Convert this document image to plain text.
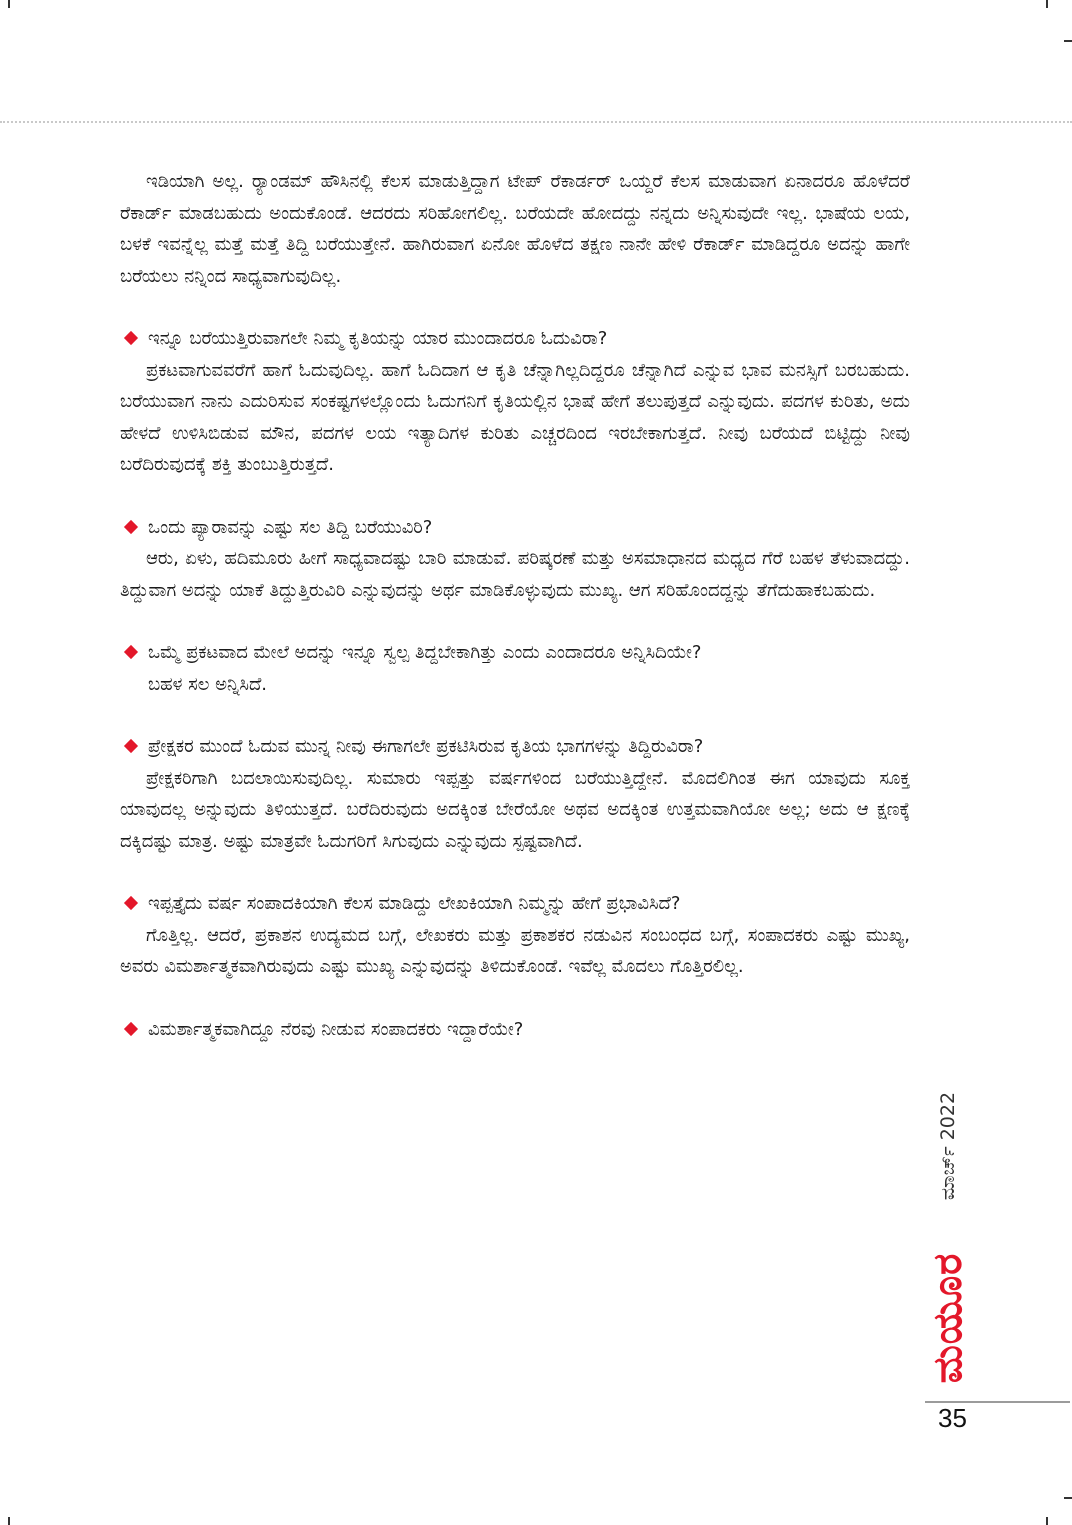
ಇಡಿಯಾಗಿ ಅಲ್ಲ. ರ್‍ಯಾಂಡಮ್ ಹೌಸಿನಲ್ಲಿ ಕೆಲಸ ಮಾಡುತ್ತಿದ್ದಾಗ ಟೇಪ್ ರೆಕಾರ್ಡರ್ ಒಯ್ದರೆ ಕೆಲಸ ಮಾಡುವಾಗ ಏನಾದರೂ ಹೊಳೆದರೆ ರೆಕಾರ್ಡ್ ಮಾಡಬಹುದು ಅಂದುಕೊಂಡೆ. ಆದರದು ಸರಿಹೋಗಲಿಲ್ಲ. ಬರೆಯದೇ ಹೋದದ್ದು ನನ್ನದು ಅನ್ನಿಸುವುದೇ ಇಲ್ಲ. ಭಾಷೆಯ ಲಯ, ಬಳಕೆ ಇವನ್ನೆಲ್ಲ ಮತ್ತೆ ಮತ್ತೆ ತಿದ್ದಿ ಬರೆಯುತ್ತೇನೆ. ಹಾಗಿರುವಾಗ ಏನೋ ಹೊಳೆದ ತಕ್ಷಣ ನಾನೇ ಹೇಳಿ ರೆಕಾರ್ಡ್ ಮಾಡಿದ್ದರೂ ಅದನ್ನು ಹಾಗೇ ಬರೆಯಲು ನನ್ನಿಂದ ಸಾಧ್ಯವಾಗುವುದಿಲ್ಲ.

ಇನ್ನೂ ಬರೆಯುತ್ತಿರುವಾಗಲೇ ನಿಮ್ಮ ಕೃತಿಯನ್ನು ಯಾರ ಮುಂದಾದರೂ ಓದುವಿರಾ?

ಪ್ರಕಟವಾಗುವವರೆಗೆ ಹಾಗೆ ಓದುವುದಿಲ್ಲ. ಹಾಗೆ ಓದಿದಾಗ ಆ ಕೃತಿ ಚೆನ್ನಾಗಿಲ್ಲದಿದ್ದರೂ ಚೆನ್ನಾಗಿದೆ ಎನ್ನುವ ಭಾವ ಮನಸ್ಸಿಗೆ ಬರಬಹುದು. ಬರೆಯುವಾಗ ನಾನು ಎದುರಿಸುವ ಸಂಕಷ್ಟಗಳಲ್ಲೊಂದು ಓದುಗನಿಗೆ ಕೃತಿಯಲ್ಲಿನ ಭಾಷೆ ಹೇಗೆ ತಲುಪುತ್ತದೆ ಎನ್ನುವುದು. ಪದಗಳ ಕುರಿತು, ಅದು ಹೇಳದೆ ಉಳಿಸಿಬಿಡುವ ಮೌನ, ಪದಗಳ ಲಯ ಇತ್ಯಾದಿಗಳ ಕುರಿತು ಎಚ್ಚರದಿಂದ ಇರಬೇಕಾಗುತ್ತದೆ. ನೀವು ಬರೆಯದೆ ಬಿಟ್ಟಿದ್ದು ನೀವು ಬರೆದಿರುವುದಕ್ಕೆ ಶಕ್ತಿ ತುಂಬುತ್ತಿರುತ್ತದೆ.

ಒಂದು ಪ್ಯಾರಾವನ್ನು ಎಷ್ಟು ಸಲ ತಿದ್ದಿ ಬರೆಯುವಿರಿ?

ಆರು, ಏಳು, ಹದಿಮೂರು ಹೀಗೆ ಸಾಧ್ಯವಾದಷ್ಟು ಬಾರಿ ಮಾಡುವೆ. ಪರಿಷ್ಕರಣೆ ಮತ್ತು ಅಸಮಾಧಾನದ ಮಧ್ಯದ ಗೆರೆ ಬಹಳ ತೆಳುವಾದದ್ದು. ತಿದ್ದುವಾಗ ಅದನ್ನು ಯಾಕೆ ತಿದ್ದುತ್ತಿರುವಿರಿ ಎನ್ನುವುದನ್ನು ಅರ್ಥ ಮಾಡಿಕೊಳ್ಳುವುದು ಮುಖ್ಯ. ಆಗ ಸರಿಹೊಂದದ್ದನ್ನು ತೆಗೆದುಹಾಕಬಹುದು.

ಒಮ್ಮೆ ಪ್ರಕಟವಾದ ಮೇಲೆ ಅದನ್ನು ಇನ್ನೂ ಸ್ವಲ್ಪ ತಿದ್ದಬೇಕಾಗಿತ್ತು ಎಂದು ಎಂದಾದರೂ ಅನ್ನಿಸಿದಿಯೇ?

ಬಹಳ ಸಲ ಅನ್ನಿಸಿದೆ.

ಪ್ರೇಕ್ಷಕರ ಮುಂದೆ ಓದುವ ಮುನ್ನ ನೀವು ಈಗಾಗಲೇ ಪ್ರಕಟಿಸಿರುವ ಕೃತಿಯ ಭಾಗಗಳನ್ನು ತಿದ್ದಿರುವಿರಾ?

ಪ್ರೇಕ್ಷಕರಿಗಾಗಿ ಬದಲಾಯಿಸುವುದಿಲ್ಲ. ಸುಮಾರು ಇಪ್ಪತ್ತು ವರ್ಷಗಳಿಂದ ಬರೆಯುತ್ತಿದ್ದೇನೆ. ಮೊದಲಿಗಿಂತ ಈಗ ಯಾವುದು ಸೂಕ್ತ ಯಾವುದಲ್ಲ ಅನ್ನುವುದು ತಿಳಿಯುತ್ತದೆ. ಬರೆದಿರುವುದು ಅದಕ್ಕಿಂತ ಬೇರೆಯೋ ಅಥವ ಅದಕ್ಕಿಂತ ಉತ್ತಮವಾಗಿಯೋ ಅಲ್ಲ; ಅದು ಆ ಕ್ಷಣಕ್ಕೆ ದಕ್ಕಿದಷ್ಟು ಮಾತ್ರ. ಅಷ್ಟು ಮಾತ್ರವೇ ಓದುಗರಿಗೆ ಸಿಗುವುದು ಎನ್ನುವುದು ಸ್ಪಷ್ಟವಾಗಿದೆ.

ಇಪ್ಪತ್ತೈದು ವರ್ಷ ಸಂಪಾದಕಿಯಾಗಿ ಕೆಲಸ ಮಾಡಿದ್ದು ಲೇಖಕಿಯಾಗಿ ನಿಮ್ಮನ್ನು ಹೇಗೆ ಪ್ರಭಾವಿಸಿದೆ?

ಗೊತ್ತಿಲ್ಲ. ಆದರೆ, ಪ್ರಕಾಶನ ಉದ್ಯಮದ ಬಗ್ಗೆ, ಲೇಖಕರು ಮತ್ತು ಪ್ರಕಾಶಕರ ನಡುವಿನ ಸಂಬಂಧದ ಬಗ್ಗೆ, ಸಂಪಾದಕರು ಎಷ್ಟು ಮುಖ್ಯ, ಅವರು ವಿಮರ್ಶಾತ್ಮಕವಾಗಿರುವುದು ಎಷ್ಟು ಮುಖ್ಯ ಎನ್ನುವುದನ್ನು ತಿಳಿದುಕೊಂಡೆ. ಇವೆಲ್ಲ ಮೊದಲು ಗೊತ್ತಿರಲಿಲ್ಲ.

ವಿಮರ್ಶಾತ್ಮಕವಾಗಿದ್ದೂ ನೆರವು ನೀಡುವ ಸಂಪಾದಕರು ಇದ್ದಾರೆಯೇ?

ಮಾರ್ಚ್ 2022
ಮಯೂರ
35
